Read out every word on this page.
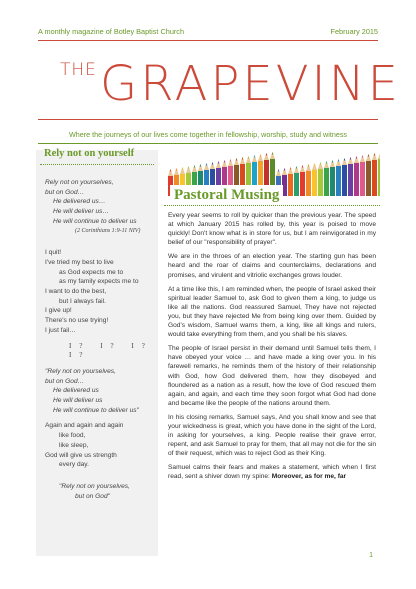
A monthly magazine of Botley Baptist Church	February 2015
THE GRAPEVINE
Where the journeys of our lives come together in fellowship, worship, study and witness
Rely not on yourself
Rely not on yourselves,
but on God…
He delivered us…
He will deliver us…
He will continue to deliver us
(2 Corinthians 1:9-11 NIV)
I quit!
I've tried my best to live
as God expects me to
as my family expects me to
I want to do the best,
but I always fail.
I give up!
There's no use trying!
I just fail…
I? I? I? I?
"Rely not on yourselves,
but on God…
He delivered us
He will deliver us
He will continue to deliver us"
Again and again and again
like food,
like sleep,
God will give us strength
every day.
"Rely not on yourselves,
but on God"
Pastoral Musing

Every year seems to roll by quicker than the previous year. The speed at which January 2015 has rolled by, this year is poised to move quickly! Don't know what is in store for us, but I am reinvigorated in my belief of our "responsibility of prayer".

We are in the throes of an election year. The starting gun has been heard and the roar of claims and counterclaims, declarations and promises, and virulent and vitriolic exchanges grows louder.

At a time like this, I am reminded when, the people of Israel asked their spiritual leader Samuel to, ask God to given them a king, to judge us like all the nations. God reassured Samuel, They have not rejected you, but they have rejected Me from being king over them. Guided by God's wisdom, Samuel warns them, a king, like all kings and rulers, would take everything from them, and you shall be his slaves.

The people of Israel persist in their demand until Samuel tells them, I have obeyed your voice … and have made a king over you. In his farewell remarks, he reminds them of the history of their relationship with God, how God delivered them, how they disobeyed and floundered as a nation as a result, how the love of God rescued them again, and again, and each time they soon forgot what God had done and became like the people of the nations around them.

In his closing remarks, Samuel says, And you shall know and see that your wickedness is great, which you have done in the sight of the Lord, in asking for yourselves, a king. People realise their grave error, repent, and ask Samuel to pray for them, that all may not die for the sin of their request, which was to reject God as their King.

Samuel calms their fears and makes a statement, which when I first read, sent a shiver down my spine: Moreover, as for me, far

1
